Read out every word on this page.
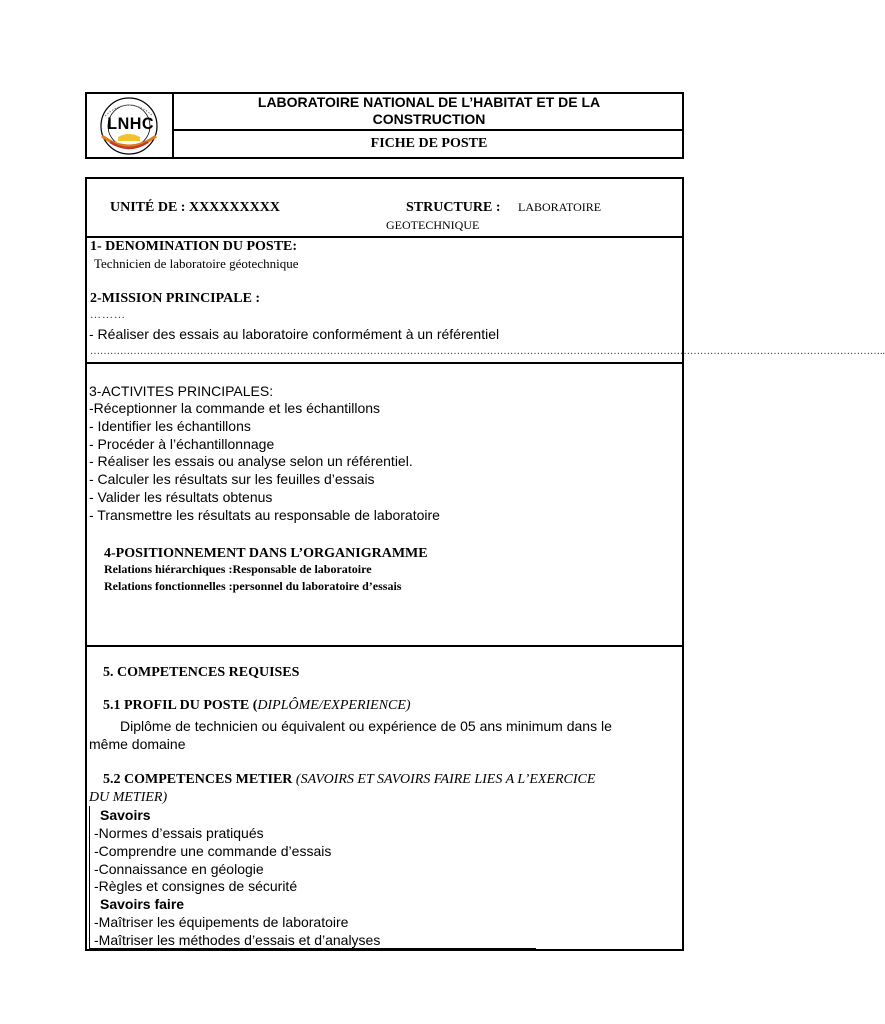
LNHC
LABORATOIRE NATIONAL DE L’HABITAT ET DE LA
CONSTRUCTION
FICHE DE POSTE
UNITÉ DE : XXXXXXXXX	STRUCTURE : LABORATOIRE
GEOTECHNIQUE
1- DENOMINATION DU POSTE:
Technicien de laboratoire géotechnique
2-MISSION PRINCIPALE :
………
- Réaliser des essais au laboratoire conformément à un référentiel
…………………………………………………………………………………………………………………………………………………………………………………………………………………..
3-ACTIVITES PRINCIPALES:
-Réceptionner la commande et les échantillons
- Identifier les échantillons
- Procéder à l’échantillonnage
- Réaliser les essais ou analyse selon un référentiel.
- Calculer les résultats sur les feuilles d’essais
- Valider les résultats obtenus
- Transmettre les résultats au responsable de laboratoire
4-POSITIONNEMENT DANS L’ORGANIGRAMME
Relations hiérarchiques :Responsable de laboratoire
Relations fonctionnelles :personnel du laboratoire d’essais
5. COMPETENCES REQUISES
5.1 PROFIL DU POSTE (DIPLÔME/EXPERIENCE)
Diplôme de technicien ou équivalent ou expérience de 05 ans minimum dans le
même domaine
5.2 COMPETENCES METIER (SAVOIRS ET SAVOIRS FAIRE LIES A L’EXERCICE
DU METIER)
Savoirs
-Normes d’essais pratiqués
-Comprendre une commande d’essais
-Connaissance en géologie
-Règles et consignes de sécurité
Savoirs faire
-Maîtriser les équipements de laboratoire
-Maîtriser les méthodes d’essais et d’analyses
